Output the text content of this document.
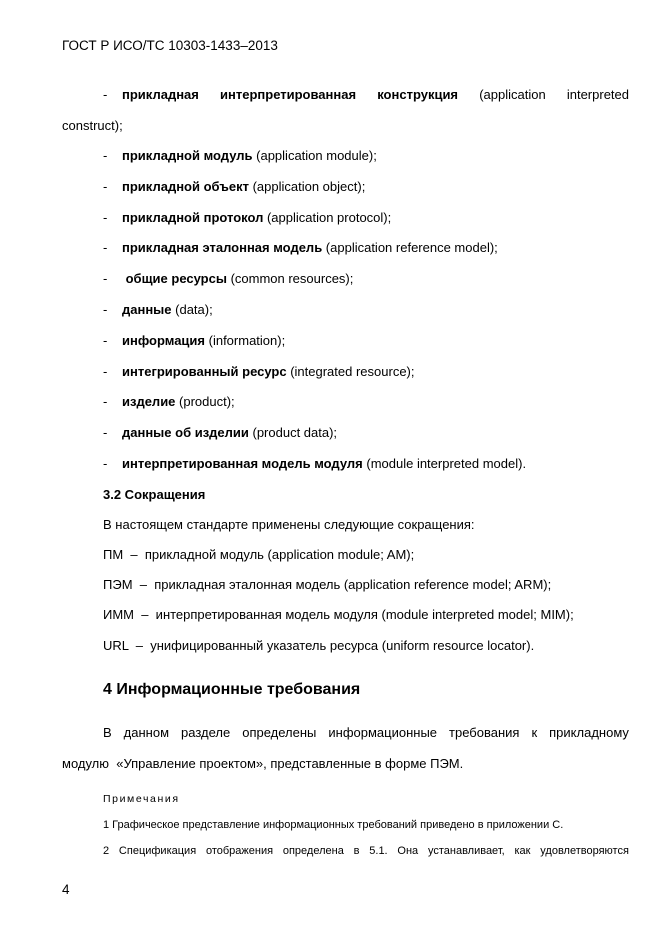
ГОСТ Р ИСО/ТС 10303-1433–2013
- прикладная интерпретированная конструкция (application interpreted
construct);
- прикладной модуль (application module);
- прикладной объект (application object);
- прикладной протокол (application protocol);
- прикладная эталонная модель (application reference model);
- общие ресурсы (common resources);
- данные (data);
- информация (information);
- интегрированный ресурс (integrated resource);
- изделие (product);
- данные об изделии (product data);
- интерпретированная модель модуля (module interpreted model).
3.2 Сокращения
В настоящем стандарте применены следующие сокращения:
ПМ  –  прикладной модуль (application module; AM);
ПЭМ  –  прикладная эталонная модель (application reference model; ARM);
ИММ  –  интерпретированная модель модуля (module interpreted model; MIM);
URL  –  унифицированный указатель ресурса (uniform resource locator).
4 Информационные требования
В данном разделе определены информационные требования к прикладному
модулю  «Управление проектом», представленные в форме ПЭМ.
Примечания
1 Графическое представление информационных требований приведено в приложении С.
2 Спецификация отображения определена в 5.1. Она устанавливает, как удовлетворяются
4
